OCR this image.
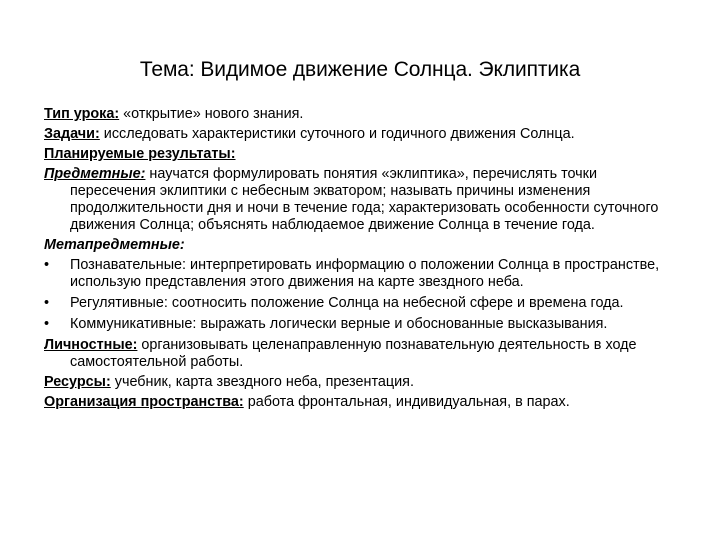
Тема: Видимое движение Солнца. Эклиптика

Тип урока: «открытие» нового знания.

Задачи: исследовать характеристики суточного и годичного движения Солнца.

Планируемые результаты:

Предметные: научатся формулировать понятия «эклиптика», перечислять точки пересечения эклиптики с небесным экватором; называть причины изменения продолжительности дня и ночи в течение года; характеризовать особенности суточного движения Солнца; объяснять наблюдаемое движение Солнца в течение года.

Метапредметные:

•	Познавательные: интерпретировать информацию о положении Солнца в пространстве, использую представления этого движения на карте звездного неба.
•	Регулятивные: соотносить положение Солнца на небесной сфере и времена года.
•	Коммуникативные: выражать логически верные и обоснованные высказывания.

Личностные: организовывать целенаправленную познавательную деятельность в ходе самостоятельной работы.

Ресурсы: учебник, карта звездного неба, презентация.

Организация пространства: работа фронтальная, индивидуальная, в парах.
